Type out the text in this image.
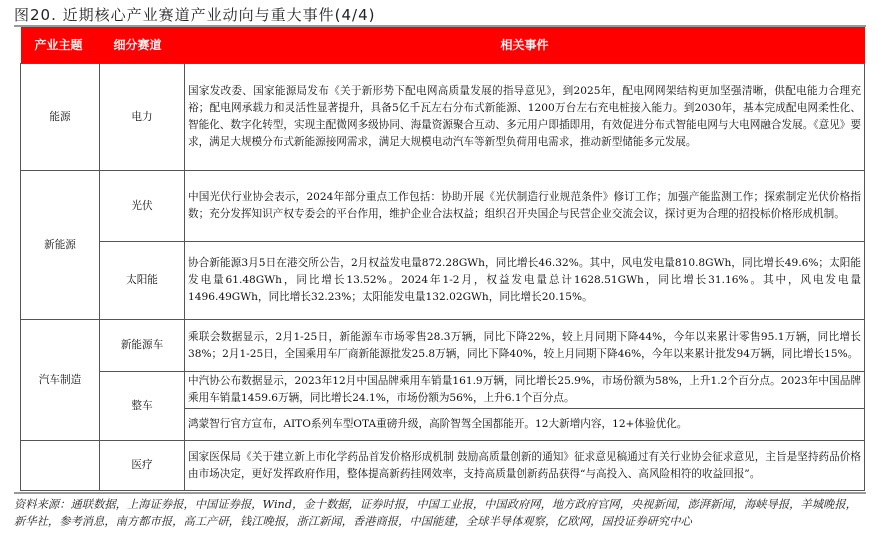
图20. 近期核心产业赛道产业动向与重大事件(4/4)
产业主题	细分赛道	相关事件
能源	电力	国家发改委、国家能源局发布《关于新形势下配电网高质量发展的指导意见》，到2025年，配电网网架结构更加坚强清晰，供配电能力合理充裕；配电网承载力和灵活性显著提升，具备5亿千瓦左右分布式新能源、1200万台左右充电桩接入能力。到2030年，基本完成配电网柔性化、智能化、数字化转型，实现主配微网多级协同、海量资源聚合互动、多元用户即插即用，有效促进分布式智能电网与大电网融合发展。《意见》要求，满足大规模分布式新能源接网需求，满足大规模电动汽车等新型负荷用电需求，推动新型储能多元发展。
新能源	光伏	中国光伏行业协会表示，2024年部分重点工作包括：协助开展《光伏制造行业规范条件》修订工作；加强产能监测工作；探索制定光伏价格指数；充分发挥知识产权专委会的平台作用，维护企业合法权益；组织召开央国企与民营企业交流会议，探讨更为合理的招投标价格形成机制。
	太阳能	协合新能源3月5日在港交所公告，2月权益发电量872.28GWh，同比增长46.32%。其中，风电发电量810.8GWh，同比增长49.6%；太阳能发电量61.48GWh，同比增长13.52%。2024年1-2月，权益发电量总计1628.51GWh，同比增长31.16%。其中，风电发电量1496.49GWh，同比增长32.23%；太阳能发电量132.02GWh，同比增长20.15%。
汽车制造	新能源车	乘联会数据显示，2月1-25日，新能源车市场零售28.3万辆，同比下降22%，较上月同期下降44%，今年以来累计零售95.1万辆，同比增长38%；2月1-25日，全国乘用车厂商新能源批发25.8万辆，同比下降40%，较上月同期下降46%，今年以来累计批发94万辆，同比增长15%。
	整车	中汽协公布数据显示，2023年12月中国品牌乘用车销量161.9万辆，同比增长25.9%，市场份额为58%，上升1.2个百分点。2023年中国品牌乘用车销量1459.6万辆，同比增长24.1%，市场份额为56%，上升6.1个百分点。
		鸿蒙智行官方宣布，AITO系列车型OTA重磅升级，高阶智驾全国都能开。12大新增内容，12+体验优化。
	医疗	国家医保局《关于建立新上市化学药品首发价格形成机制 鼓励高质量创新的通知》征求意见稿通过有关行业协会征求意见，主旨是坚持药品价格由市场决定，更好发挥政府作用，整体提高新药挂网效率，支持高质量创新药品获得“与高投入、高风险相符的收益回报”。
资料来源：通联数据，上海证券报，中国证券报，Wind，金十数据，证券时报，中国工业报，中国政府网，地方政府官网，央视新闻，澎湃新闻，海峡导报，羊城晚报，新华社，参考消息，南方都市报，高工产研，钱江晚报，浙江新闻，香港商报，中国能建，全球半导体观察，亿欧网，国投证券研究中心
